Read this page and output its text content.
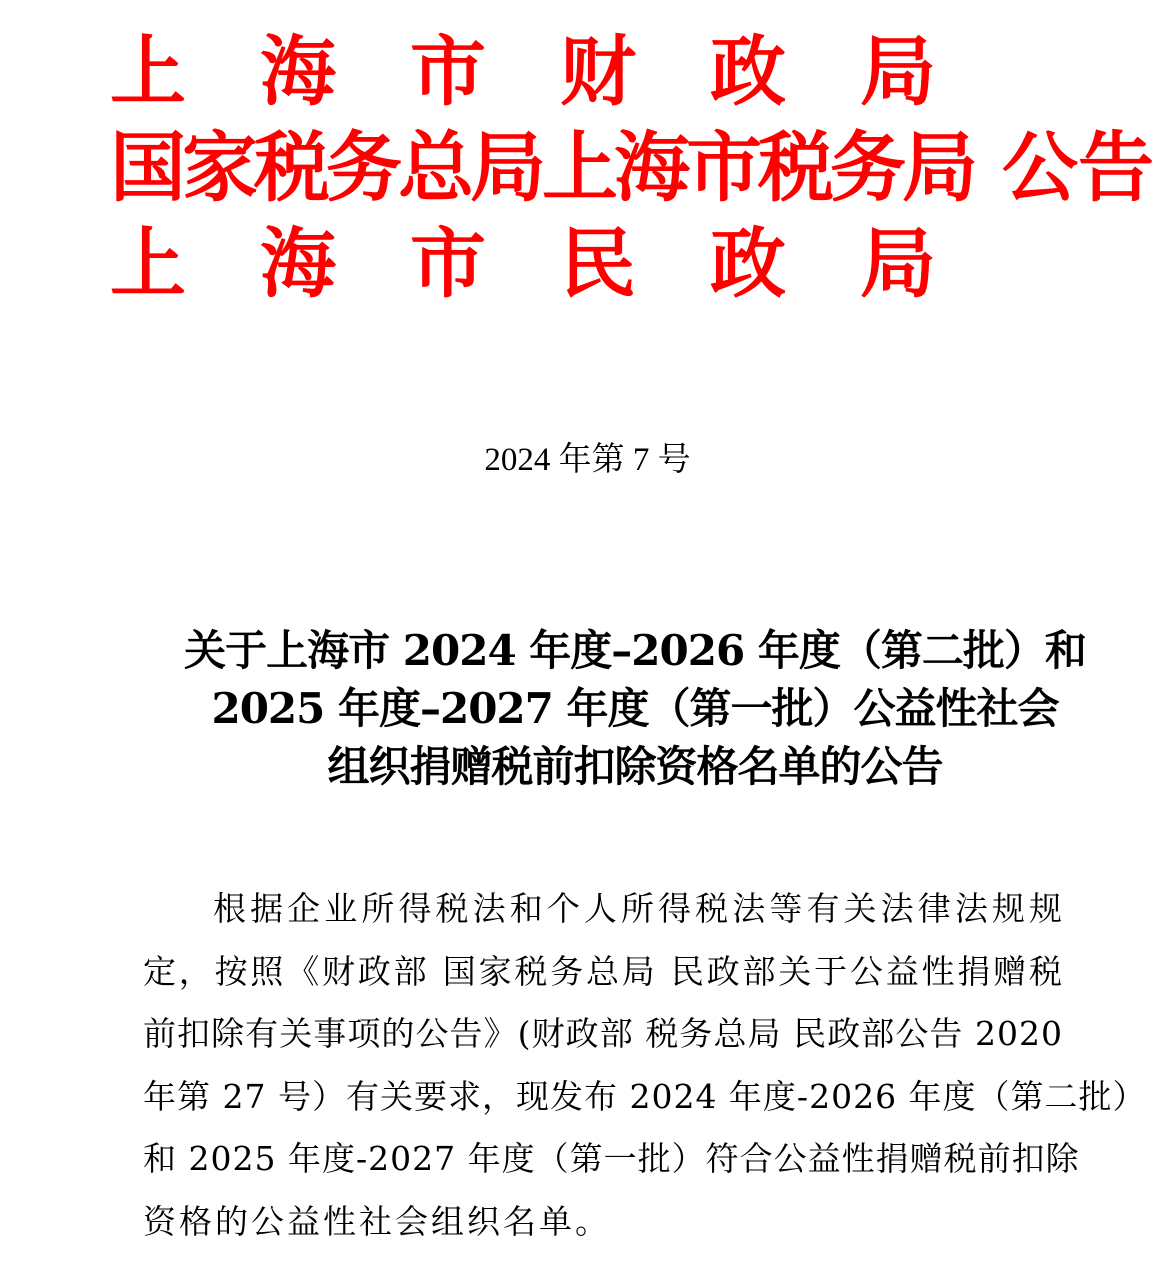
上 海 市 财 政 局
国家税务总局上海市税务局 公告
上 海 市 民 政 局
2024 年第 7 号
关于上海市 2024 年度–2026 年度（第二批）和
2025 年度–2027 年度（第一批）公益性社会
组织捐赠税前扣除资格名单的公告
根据企业所得税法和个人所得税法等有关法律法规规
定，按照《财政部 国家税务总局 民政部关于公益性捐赠税
前扣除有关事项的公告》(财政部 税务总局 民政部公告 2020
年第 27 号）有关要求，现发布 2024 年度-2026 年度（第二批）
和 2025 年度-2027 年度（第一批）符合公益性捐赠税前扣除
资格的公益性社会组织名单。
